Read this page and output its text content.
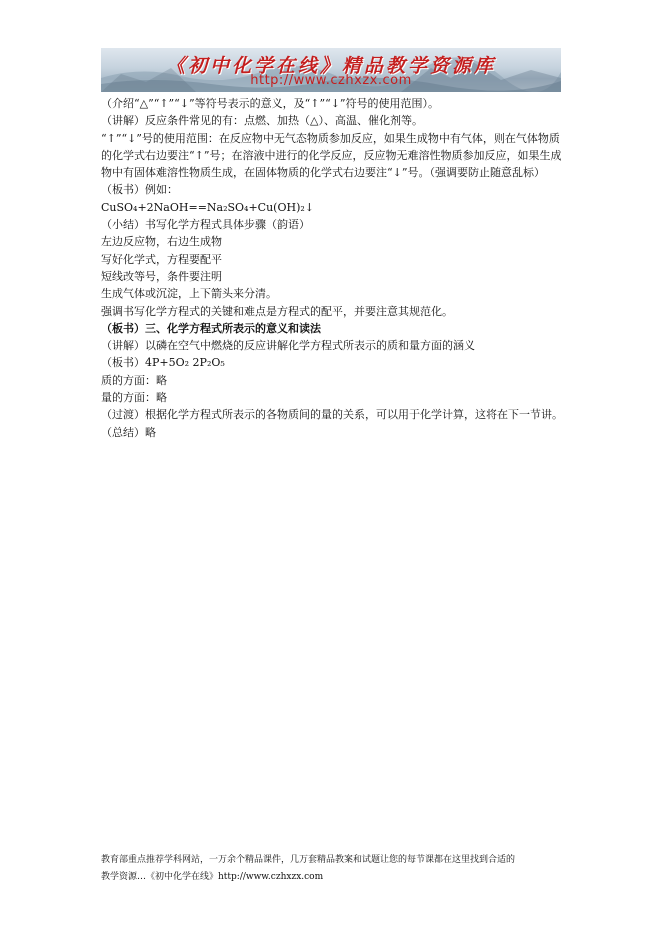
《初中化学在线》精品教学资源库
http://www.czhxzx.com

（介绍“△”“↑”“↓”等符号表示的意义，及“↑”“↓”符号的使用范围）。

（讲解）反应条件常见的有：点燃、加热（△）、高温、催化剂等。

“↑”“↓”号的使用范围：在反应物中无气态物质参加反应，如果生成物中有气体，则在气体物质的化学式右边要注“↑”号；在溶液中进行的化学反应，反应物无难溶性物质参加反应，如果生成物中有固体难溶性物质生成，在固体物质的化学式右边要注“↓”号。（强调要防止随意乱标）

（板书）例如：

CuSO₄+2NaOH==Na₂SO₄+Cu(OH)₂↓

（小结）书写化学方程式具体步骤（韵语）

左边反应物，右边生成物

写好化学式，方程要配平

短线改等号，条件要注明

生成气体或沉淀，上下箭头来分清。

强调书写化学方程式的关键和难点是方程式的配平，并要注意其规范化。

（板书）三、化学方程式所表示的意义和读法

（讲解）以磷在空气中燃烧的反应讲解化学方程式所表示的质和量方面的涵义

（板书）4P+5O₂ 2P₂O₅

质的方面：略

量的方面：略

（过渡）根据化学方程式所表示的各物质间的量的关系，可以用于化学计算，这将在下一节讲。

（总结）略

教育部重点推荐学科网站，一万余个精品课件，几万套精品教案和试题让您的每节课都在这里找到合适的

教学资源…《初中化学在线》http://www.czhxzx.com
